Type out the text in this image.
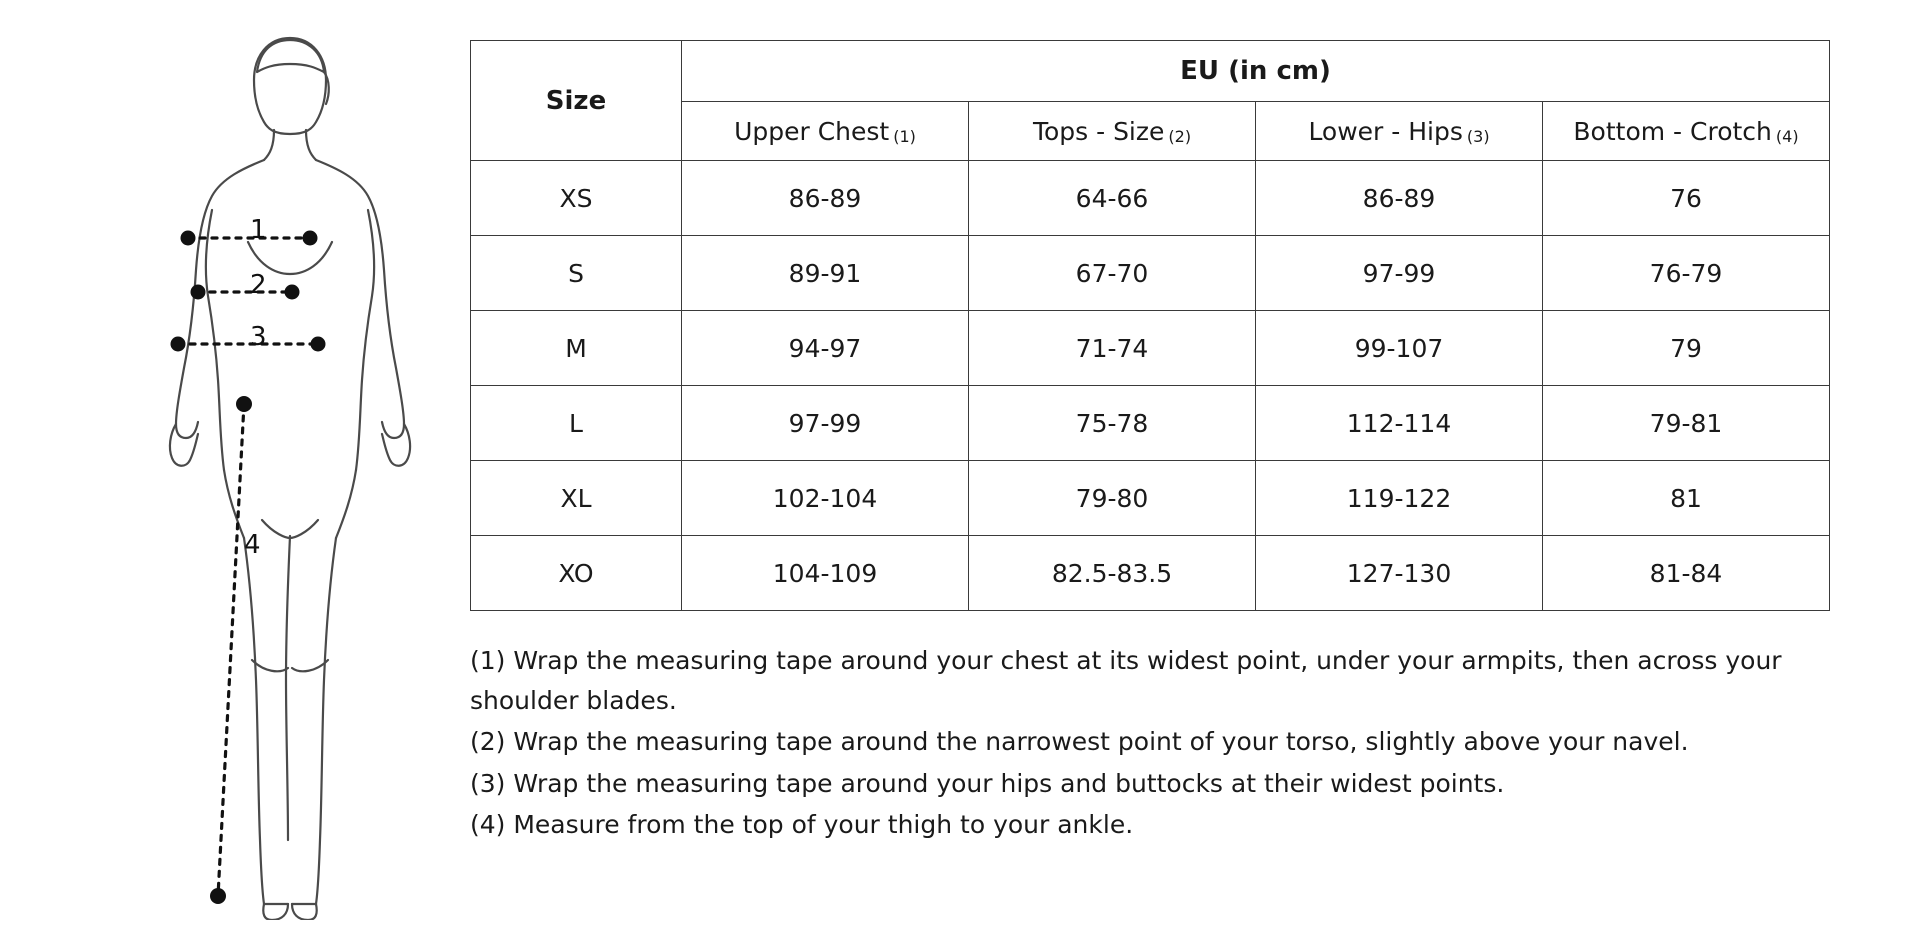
1
2
3
4
Size	EU (in cm)			
	Upper Chest (1)	Tops - Size (2)	Lower - Hips (3)	Bottom - Crotch (4)
XS	86-89	64-66	86-89	76
S	89-91	67-70	97-99	76-79
M	94-97	71-74	99-107	79
L	97-99	75-78	112-114	79-81
XL	102-104	79-80	119-122	81
XO	104-109	82.5-83.5	127-130	81-84

(1) Wrap the measuring tape around your chest at its widest point, under your armpits, then across your shoulder blades.

(2) Wrap the measuring tape around the narrowest point of your torso, slightly above your navel.

(3) Wrap the measuring tape around your hips and buttocks at their widest points.

(4) Measure from the top of your thigh to your ankle.
